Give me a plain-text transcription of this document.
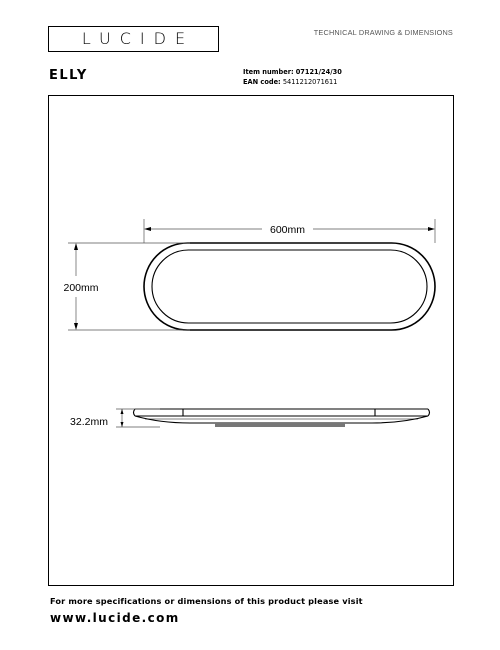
LUCIDE	TECHNICAL DRAWING & DIMENSIONS
ELLY	Item number: 07121/24/30
EAN code: 5411212071611
600mm
200mm
32.2mm
For more specifications or dimensions of this product please visit
www.lucide.com
